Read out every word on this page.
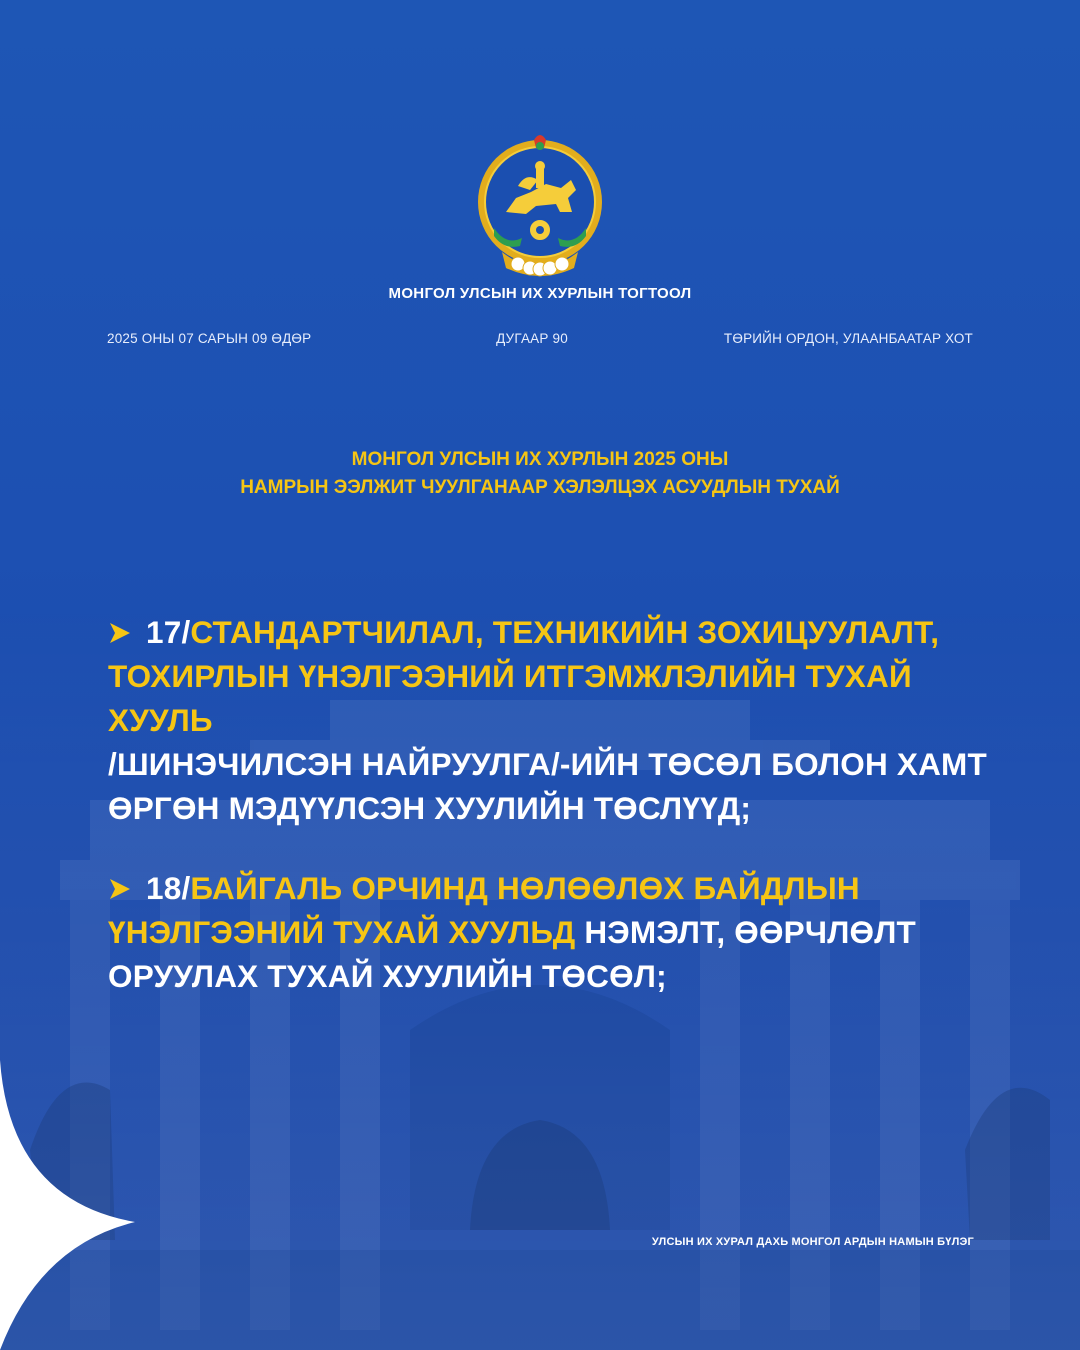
МОНГОЛ УЛСЫН ИХ ХУРЛЫН ТОГТООЛ
2025 ОНЫ 07 САРЫН 09 ӨДӨР	ДУГААР 90	ТӨРИЙН ОРДОН, УЛААНБААТАР ХОТ
МОНГОЛ УЛСЫН ИХ ХУРЛЫН 2025 ОНЫ
НАМРЫН ЭЭЛЖИТ ЧУУЛГАНААР ХЭЛЭЛЦЭХ АСУУДЛЫН ТУХАЙ
17/СТАНДАРТЧИЛАЛ, ТЕХНИКИЙН ЗОХИЦУУЛАЛТ,
ТОХИРЛЫН ҮНЭЛГЭЭНИЙ ИТГЭМЖЛЭЛИЙН ТУХАЙ ХУУЛЬ
/ШИНЭЧИЛСЭН НАЙРУУЛГА/-ИЙН ТӨСӨЛ БОЛОН ХАМТ
ӨРГӨН МЭДҮҮЛСЭН ХУУЛИЙН ТӨСЛҮҮД;
18/БАЙГАЛЬ ОРЧИНД НӨЛӨӨЛӨХ БАЙДЛЫН
ҮНЭЛГЭЭНИЙ ТУХАЙ ХУУЛЬД НЭМЭЛТ, ӨӨРЧЛӨЛТ
ОРУУЛАХ ТУХАЙ ХУУЛИЙН ТӨСӨЛ;
УЛСЫН ИХ ХУРАЛ ДАХЬ МОНГОЛ АРДЫН НАМЫН БҮЛЭГ
